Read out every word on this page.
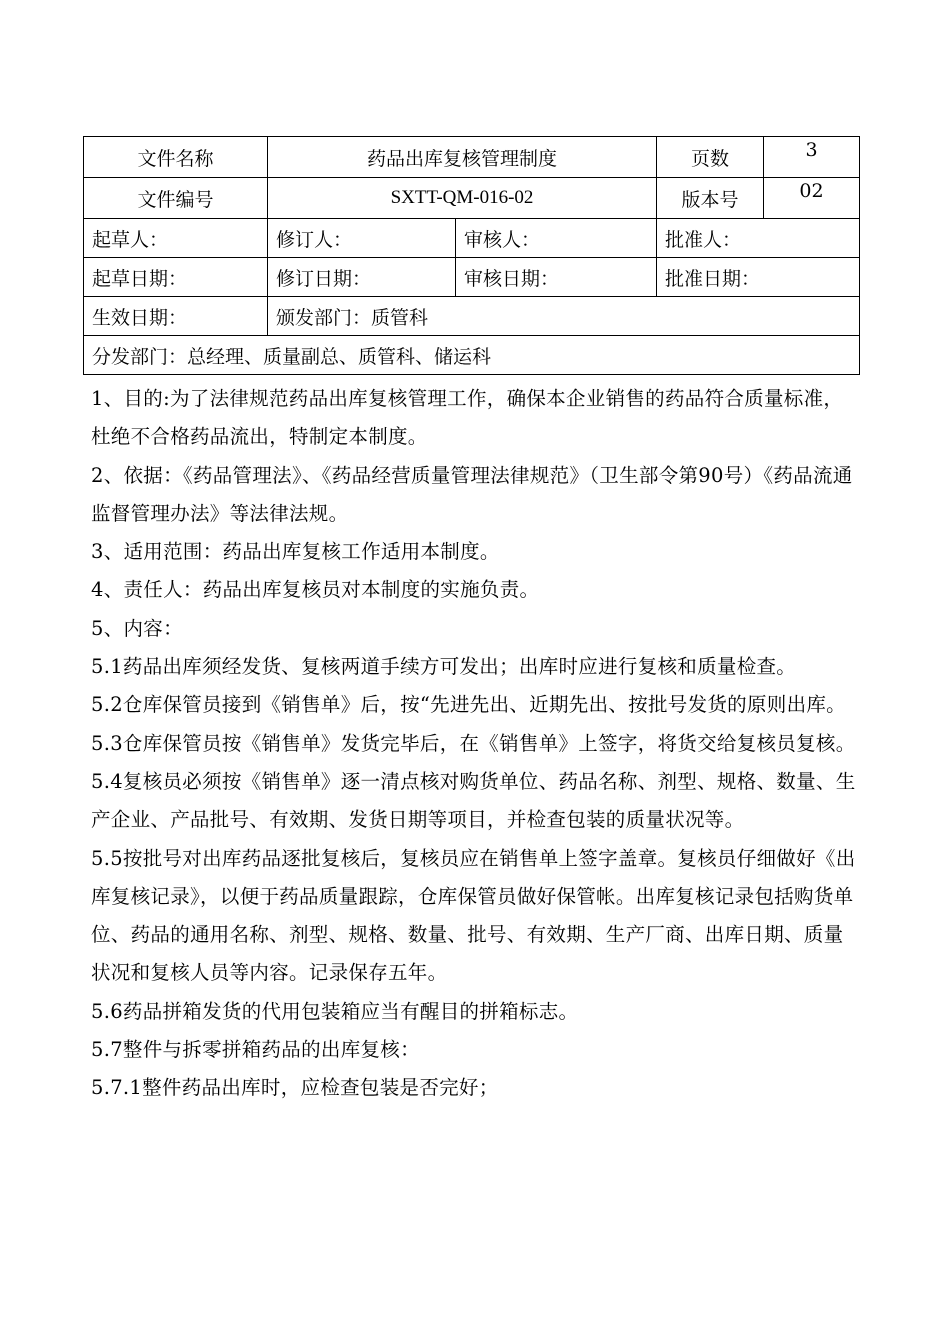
文件名称	药品出库复核管理制度		页数	3
文件编号	SXTT-QM-016-02		版本号	02
起草人：	修订人：	审核人：	批准人：	
起草日期：	修订日期：	审核日期：	批准日期：	
生效日期：	颁发部门：质管科			
分发部门：总经理、质量副总、质管科、储运科				

1、目的:为了法律规范药品出库复核管理工作，确保本企业销售的药品符合质量标准，杜绝不合格药品流出，特制定本制度。

2、依据：《药品管理法》、《药品经营质量管理法律规范》（卫生部令第90号）《药品流通监督管理办法》等法律法规。

3、适用范围：药品出库复核工作适用本制度。

4、责任人：药品出库复核员对本制度的实施负责。

5、内容：

5.1药品出库须经发货、复核两道手续方可发出；出库时应进行复核和质量检查。

5.2仓库保管员接到《销售单》后，按“先进先出、近期先出、按批号发货的原则出库。

5.3仓库保管员按《销售单》发货完毕后，在《销售单》上签字，将货交给复核员复核。

5.4复核员必须按《销售单》逐一清点核对购货单位、药品名称、剂型、规格、数量、生产企业、产品批号、有效期、发货日期等项目，并检查包装的质量状况等。

5.5按批号对出库药品逐批复核后，复核员应在销售单上签字盖章。复核员仔细做好《出库复核记录》，以便于药品质量跟踪，仓库保管员做好保管帐。出库复核记录包括购货单位、药品的通用名称、剂型、规格、数量、批号、有效期、生产厂商、出库日期、质量状况和复核人员等内容。记录保存五年。

5.6药品拼箱发货的代用包装箱应当有醒目的拼箱标志。

5.7整件与拆零拼箱药品的出库复核：

5.7.1整件药品出库时，应检查包装是否完好；
